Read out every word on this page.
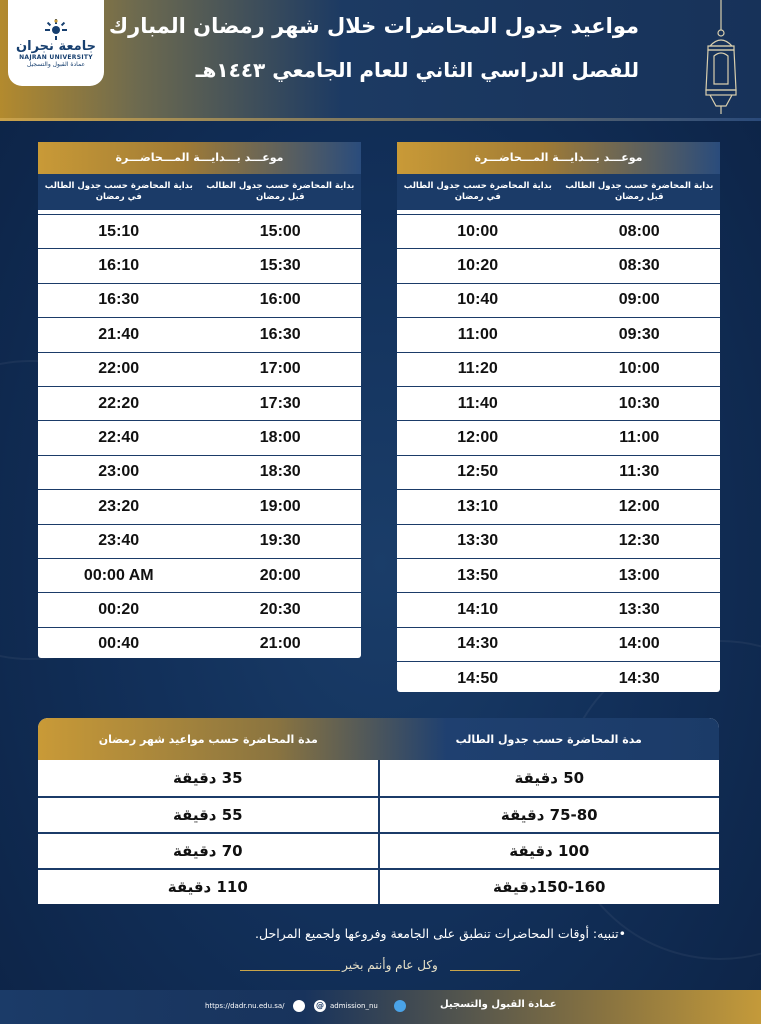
جامعة نجران
NAJRAN UNIVERSITY
عمادة القبول والتسجيل
مواعيد جدول المحاضرات خلال شهر رمضان المبارك
للفصل الدراسي الثاني للعام الجامعي ١٤٤٣هـ
موعـــد بـــدايـــة المـــحاضـــرة
بداية المحاضرة حسب جدول الطالب قبل رمضان
بداية المحاضرة حسب جدول الطالب في رمضان
08:00
10:00
08:30
10:20
09:00
10:40
09:30
11:00
10:00
11:20
10:30
11:40
11:00
12:00
11:30
12:50
12:00
13:10
12:30
13:30
13:00
13:50
13:30
14:10
14:00
14:30
14:30
14:50
موعـــد بـــدايـــة المـــحاضـــرة
بداية المحاضرة حسب جدول الطالب قبل رمضان
بداية المحاضرة حسب جدول الطالب في رمضان
15:00
15:10
15:30
16:10
16:00
16:30
16:30
21:40
17:00
22:00
17:30
22:20
18:00
22:40
18:30
23:00
19:00
23:20
19:30
23:40
20:00
00:00 AM
20:30
00:20
21:00
00:40
مدة المحاضرة حسب جدول الطالب
مدة المحاضرة حسب مواعيد شهر رمضان
50 دقيقة
35 دقيقة
75-80 دقيقة
55 دقيقة
100 دقيقة
70 دقيقة
150-160دقيقة
110 دقيقة
•تنبيه: أوقات المحاضرات تنطبق على الجامعة وفروعها ولجميع المراحل.
وكل عام وأنتم بخير
https://dadr.nu.edu.sa/	@ admission_nu	عمادة القبول والتسجيل
